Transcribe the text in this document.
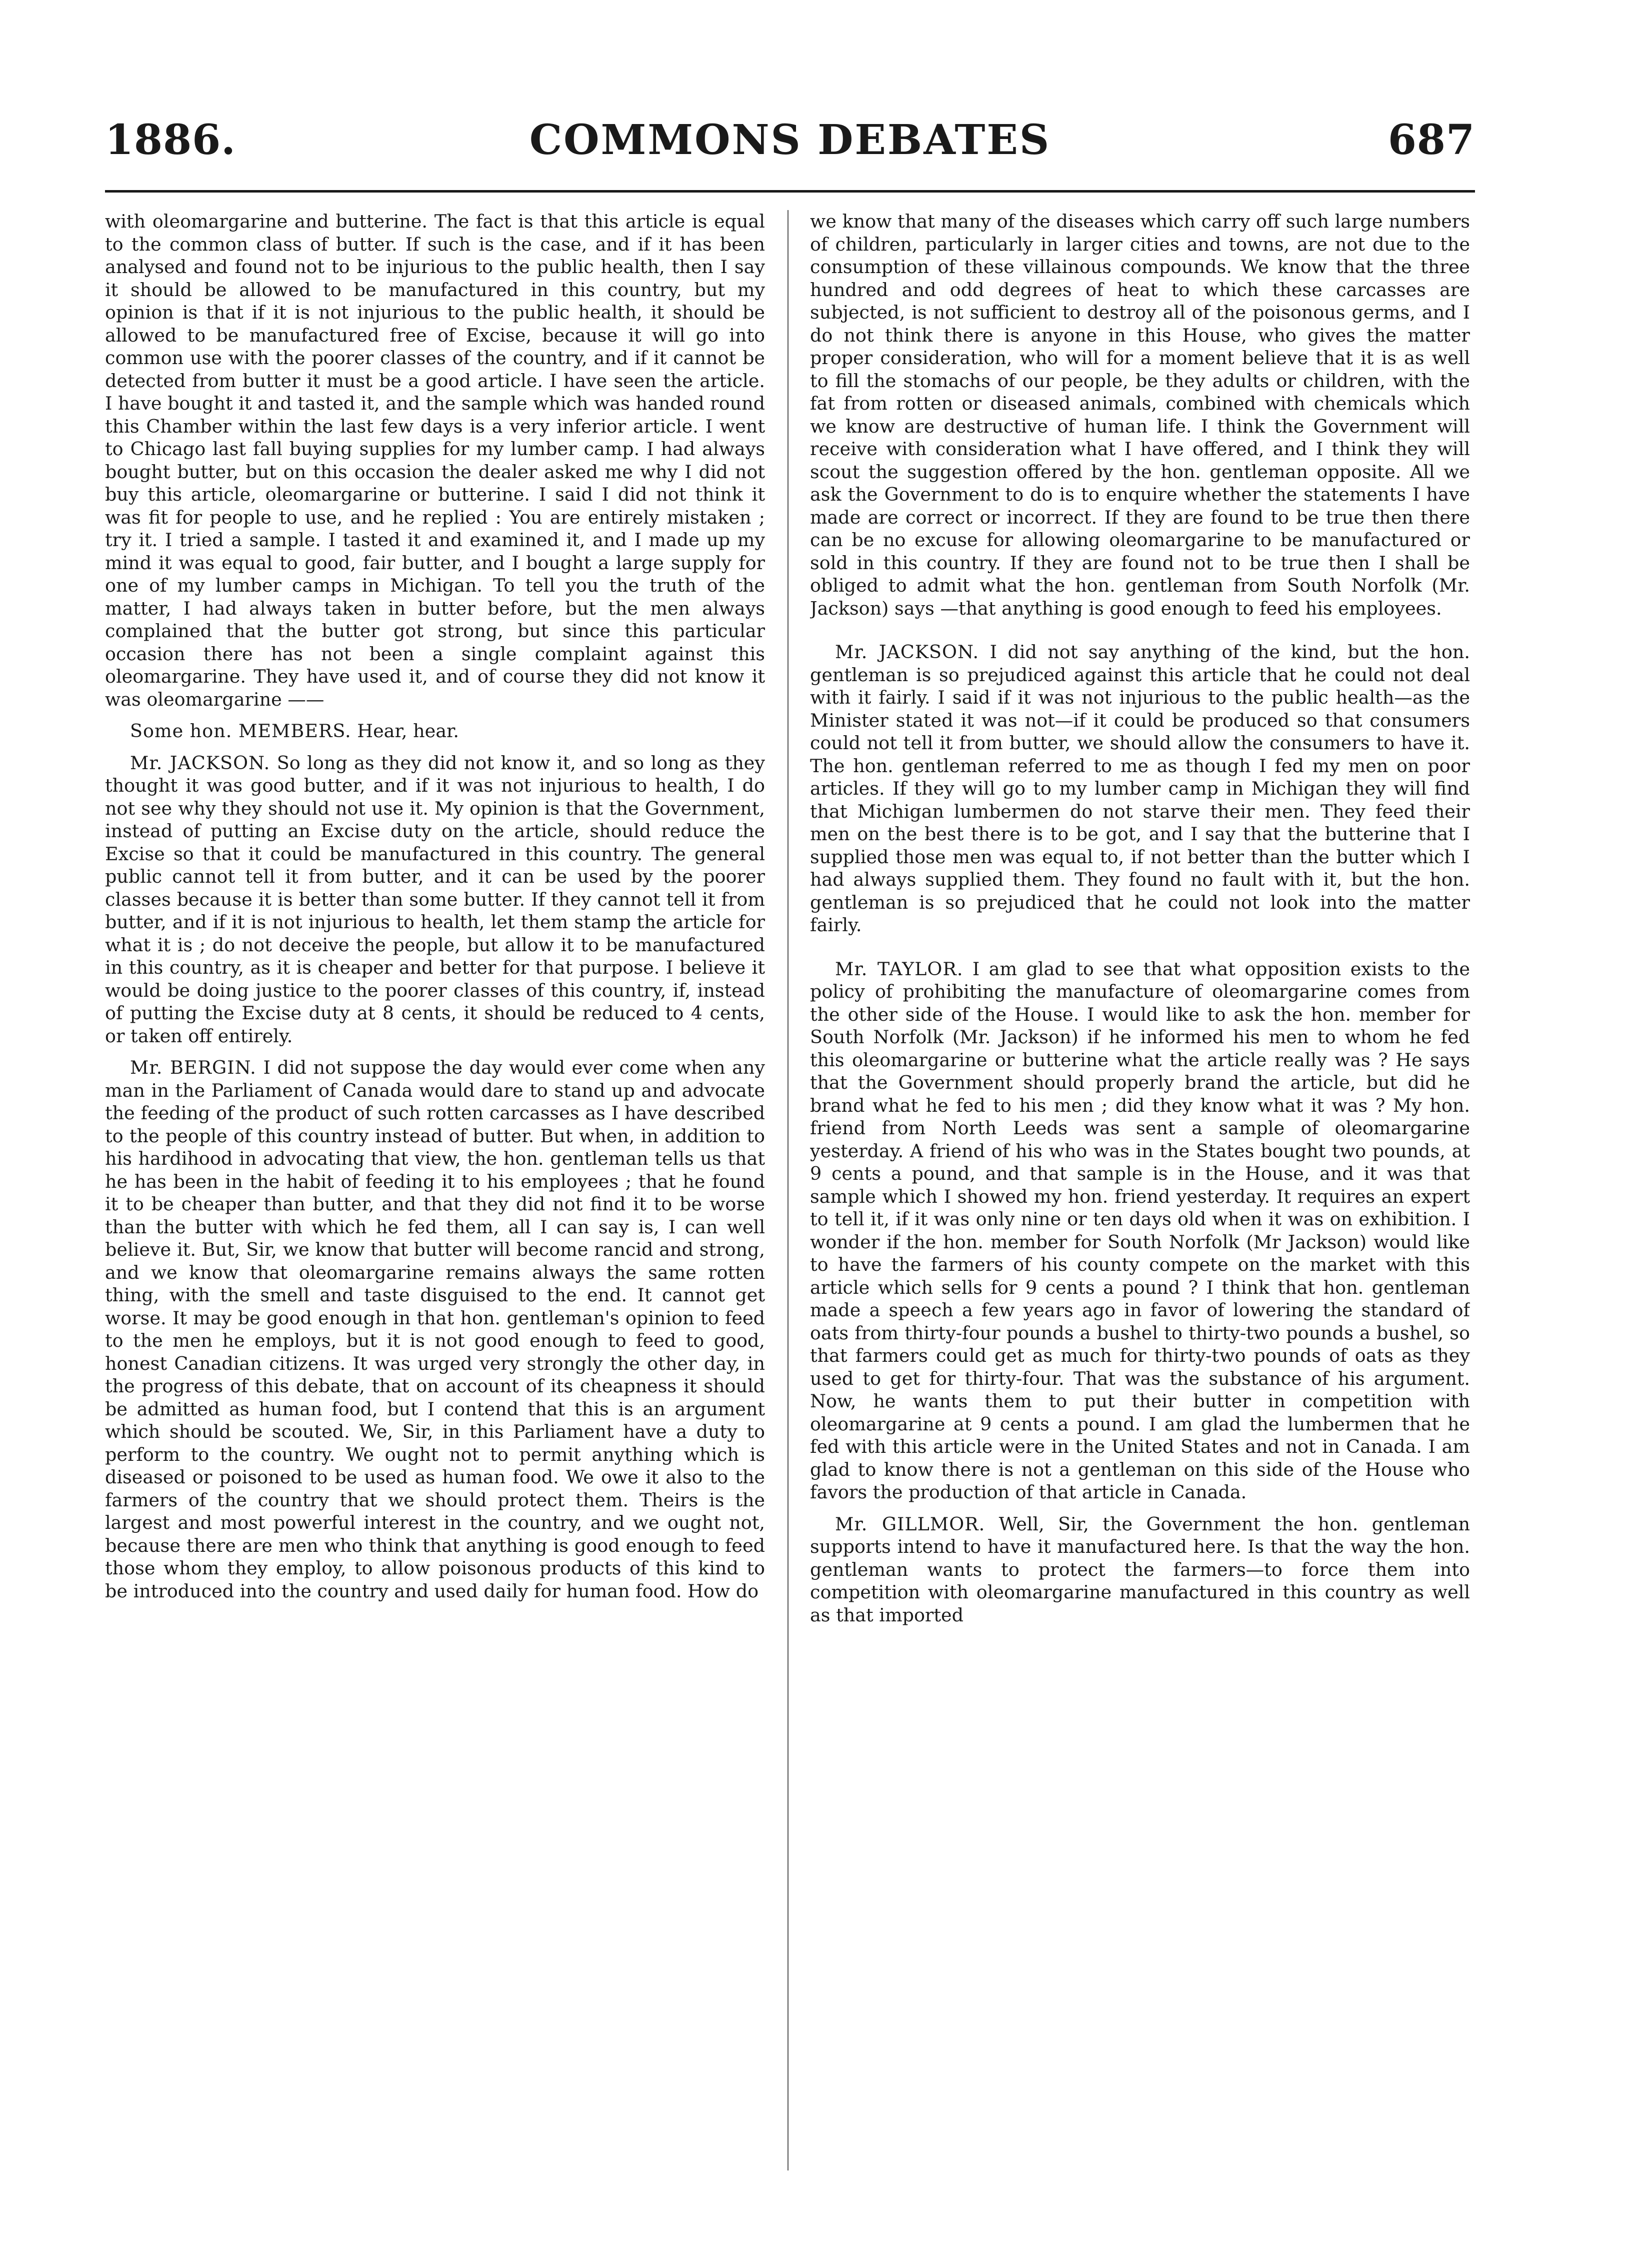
1886.	COMMONS DEBATES	687

with oleomargarine and butterine. The fact is that this article is equal to the common class of butter. If such is the case, and if it has been analysed and found not to be injurious to the public health, then I say it should be allowed to be manufactured in this country, but my opinion is that if it is not injurious to the public health, it should be allowed to be manufactured free of Excise, because it will go into common use with the poorer classes of the country, and if it cannot be detected from butter it must be a good article. I have seen the article. I have bought it and tasted it, and the sample which was handed round this Chamber within the last few days is a very inferior article. I went to Chicago last fall buying supplies for my lumber camp. I had always bought butter, but on this occasion the dealer asked me why I did not buy this article, oleomargarine or butterine. I said I did not think it was fit for people to use, and he replied : You are entirely mistaken ; try it. I tried a sample. I tasted it and examined it, and I made up my mind it was equal to good, fair butter, and I bought a large supply for one of my lumber camps in Michigan. To tell you the truth of the matter, I had always taken in butter before, but the men always complained that the butter got strong, but since this particular occasion there has not been a single complaint against this oleomargarine. They have used it, and of course they did not know it was oleomargarine ——

Some hon. MEMBERS. Hear, hear.

Mr. JACKSON. So long as they did not know it, and so long as they thought it was good butter, and if it was not injurious to health, I do not see why they should not use it. My opinion is that the Government, instead of putting an Excise duty on the article, should reduce the Excise so that it could be manufactured in this country. The general public cannot tell it from butter, and it can be used by the poorer classes because it is better than some butter. If they cannot tell it from butter, and if it is not injurious to health, let them stamp the article for what it is ; do not deceive the people, but allow it to be manufactured in this country, as it is cheaper and better for that purpose. I believe it would be doing justice to the poorer classes of this country, if, instead of putting the Excise duty at 8 cents, it should be reduced to 4 cents, or taken off entirely.

Mr. BERGIN. I did not suppose the day would ever come when any man in the Parliament of Canada would dare to stand up and advocate the feeding of the product of such rotten carcasses as I have described to the people of this country instead of butter. But when, in addition to his hardihood in advocating that view, the hon. gentleman tells us that he has been in the habit of feeding it to his employees ; that he found it to be cheaper than butter, and that they did not find it to be worse than the butter with which he fed them, all I can say is, I can well believe it. But, Sir, we know that butter will become rancid and strong, and we know that oleomargarine remains always the same rotten thing, with the smell and taste disguised to the end. It cannot get worse. It may be good enough in that hon. gentleman's opinion to feed to the men he employs, but it is not good enough to feed to good, honest Canadian citizens. It was urged very strongly the other day, in the progress of this debate, that on account of its cheapness it should be admitted as human food, but I contend that this is an argument which should be scouted. We, Sir, in this Parliament have a duty to perform to the country. We ought not to permit anything which is diseased or poisoned to be used as human food. We owe it also to the farmers of the country that we should protect them. Theirs is the largest and most powerful interest in the country, and we ought not, because there are men who think that anything is good enough to feed those whom they employ, to allow poisonous products of this kind to be introduced into the country and used daily for human food. How do

we know that many of the diseases which carry off such large numbers of children, particularly in larger cities and towns, are not due to the consumption of these villainous compounds. We know that the three hundred and odd degrees of heat to which these carcasses are subjected, is not sufficient to destroy all of the poisonous germs, and I do not think there is anyone in this House, who gives the matter proper consideration, who will for a moment believe that it is as well to fill the stomachs of our people, be they adults or children, with the fat from rotten or diseased animals, combined with chemicals which we know are destructive of human life. I think the Government will receive with consideration what I have offered, and I think they will scout the suggestion offered by the hon. gentleman opposite. All we ask the Government to do is to enquire whether the statements I have made are correct or incorrect. If they are found to be true then there can be no excuse for allowing oleomargarine to be manufactured or sold in this country. If they are found not to be true then I shall be obliged to admit what the hon. gentleman from South Norfolk (Mr. Jackson) says —that anything is good enough to feed his employees.

Mr. JACKSON. I did not say anything of the kind, but the hon. gentleman is so prejudiced against this article that he could not deal with it fairly. I said if it was not injurious to the public health—as the Minister stated it was not—if it could be produced so that consumers could not tell it from butter, we should allow the consumers to have it. The hon. gentleman referred to me as though I fed my men on poor articles. If they will go to my lumber camp in Michigan they will find that Michigan lumbermen do not starve their men. They feed their men on the best there is to be got, and I say that the butterine that I supplied those men was equal to, if not better than the butter which I had always supplied them. They found no fault with it, but the hon. gentleman is so prejudiced that he could not look into the matter fairly.

Mr. TAYLOR. I am glad to see that what opposition exists to the policy of prohibiting the manufacture of oleomargarine comes from the other side of the House. I would like to ask the hon. member for South Norfolk (Mr. Jackson) if he informed his men to whom he fed this oleomargarine or butterine what the article really was ? He says that the Government should properly brand the article, but did he brand what he fed to his men ; did they know what it was ? My hon. friend from North Leeds was sent a sample of oleomargarine yesterday. A friend of his who was in the States bought two pounds, at 9 cents a pound, and that sample is in the House, and it was that sample which I showed my hon. friend yesterday. It requires an expert to tell it, if it was only nine or ten days old when it was on exhibition. I wonder if the hon. member for South Norfolk (Mr Jackson) would like to have the farmers of his county compete on the market with this article which sells for 9 cents a pound ? I think that hon. gentleman made a speech a few years ago in favor of lowering the standard of oats from thirty-four pounds a bushel to thirty-two pounds a bushel, so that farmers could get as much for thirty-two pounds of oats as they used to get for thirty-four. That was the substance of his argument. Now, he wants them to put their butter in competition with oleomargarine at 9 cents a pound. I am glad the lumbermen that he fed with this article were in the United States and not in Canada. I am glad to know there is not a gentleman on this side of the House who favors the production of that article in Canada.

Mr. GILLMOR. Well, Sir, the Government the hon. gentleman supports intend to have it manufactured here. Is that the way the hon. gentleman wants to protect the farmers—to force them into competition with oleomargarine manufactured in this country as well as that imported
